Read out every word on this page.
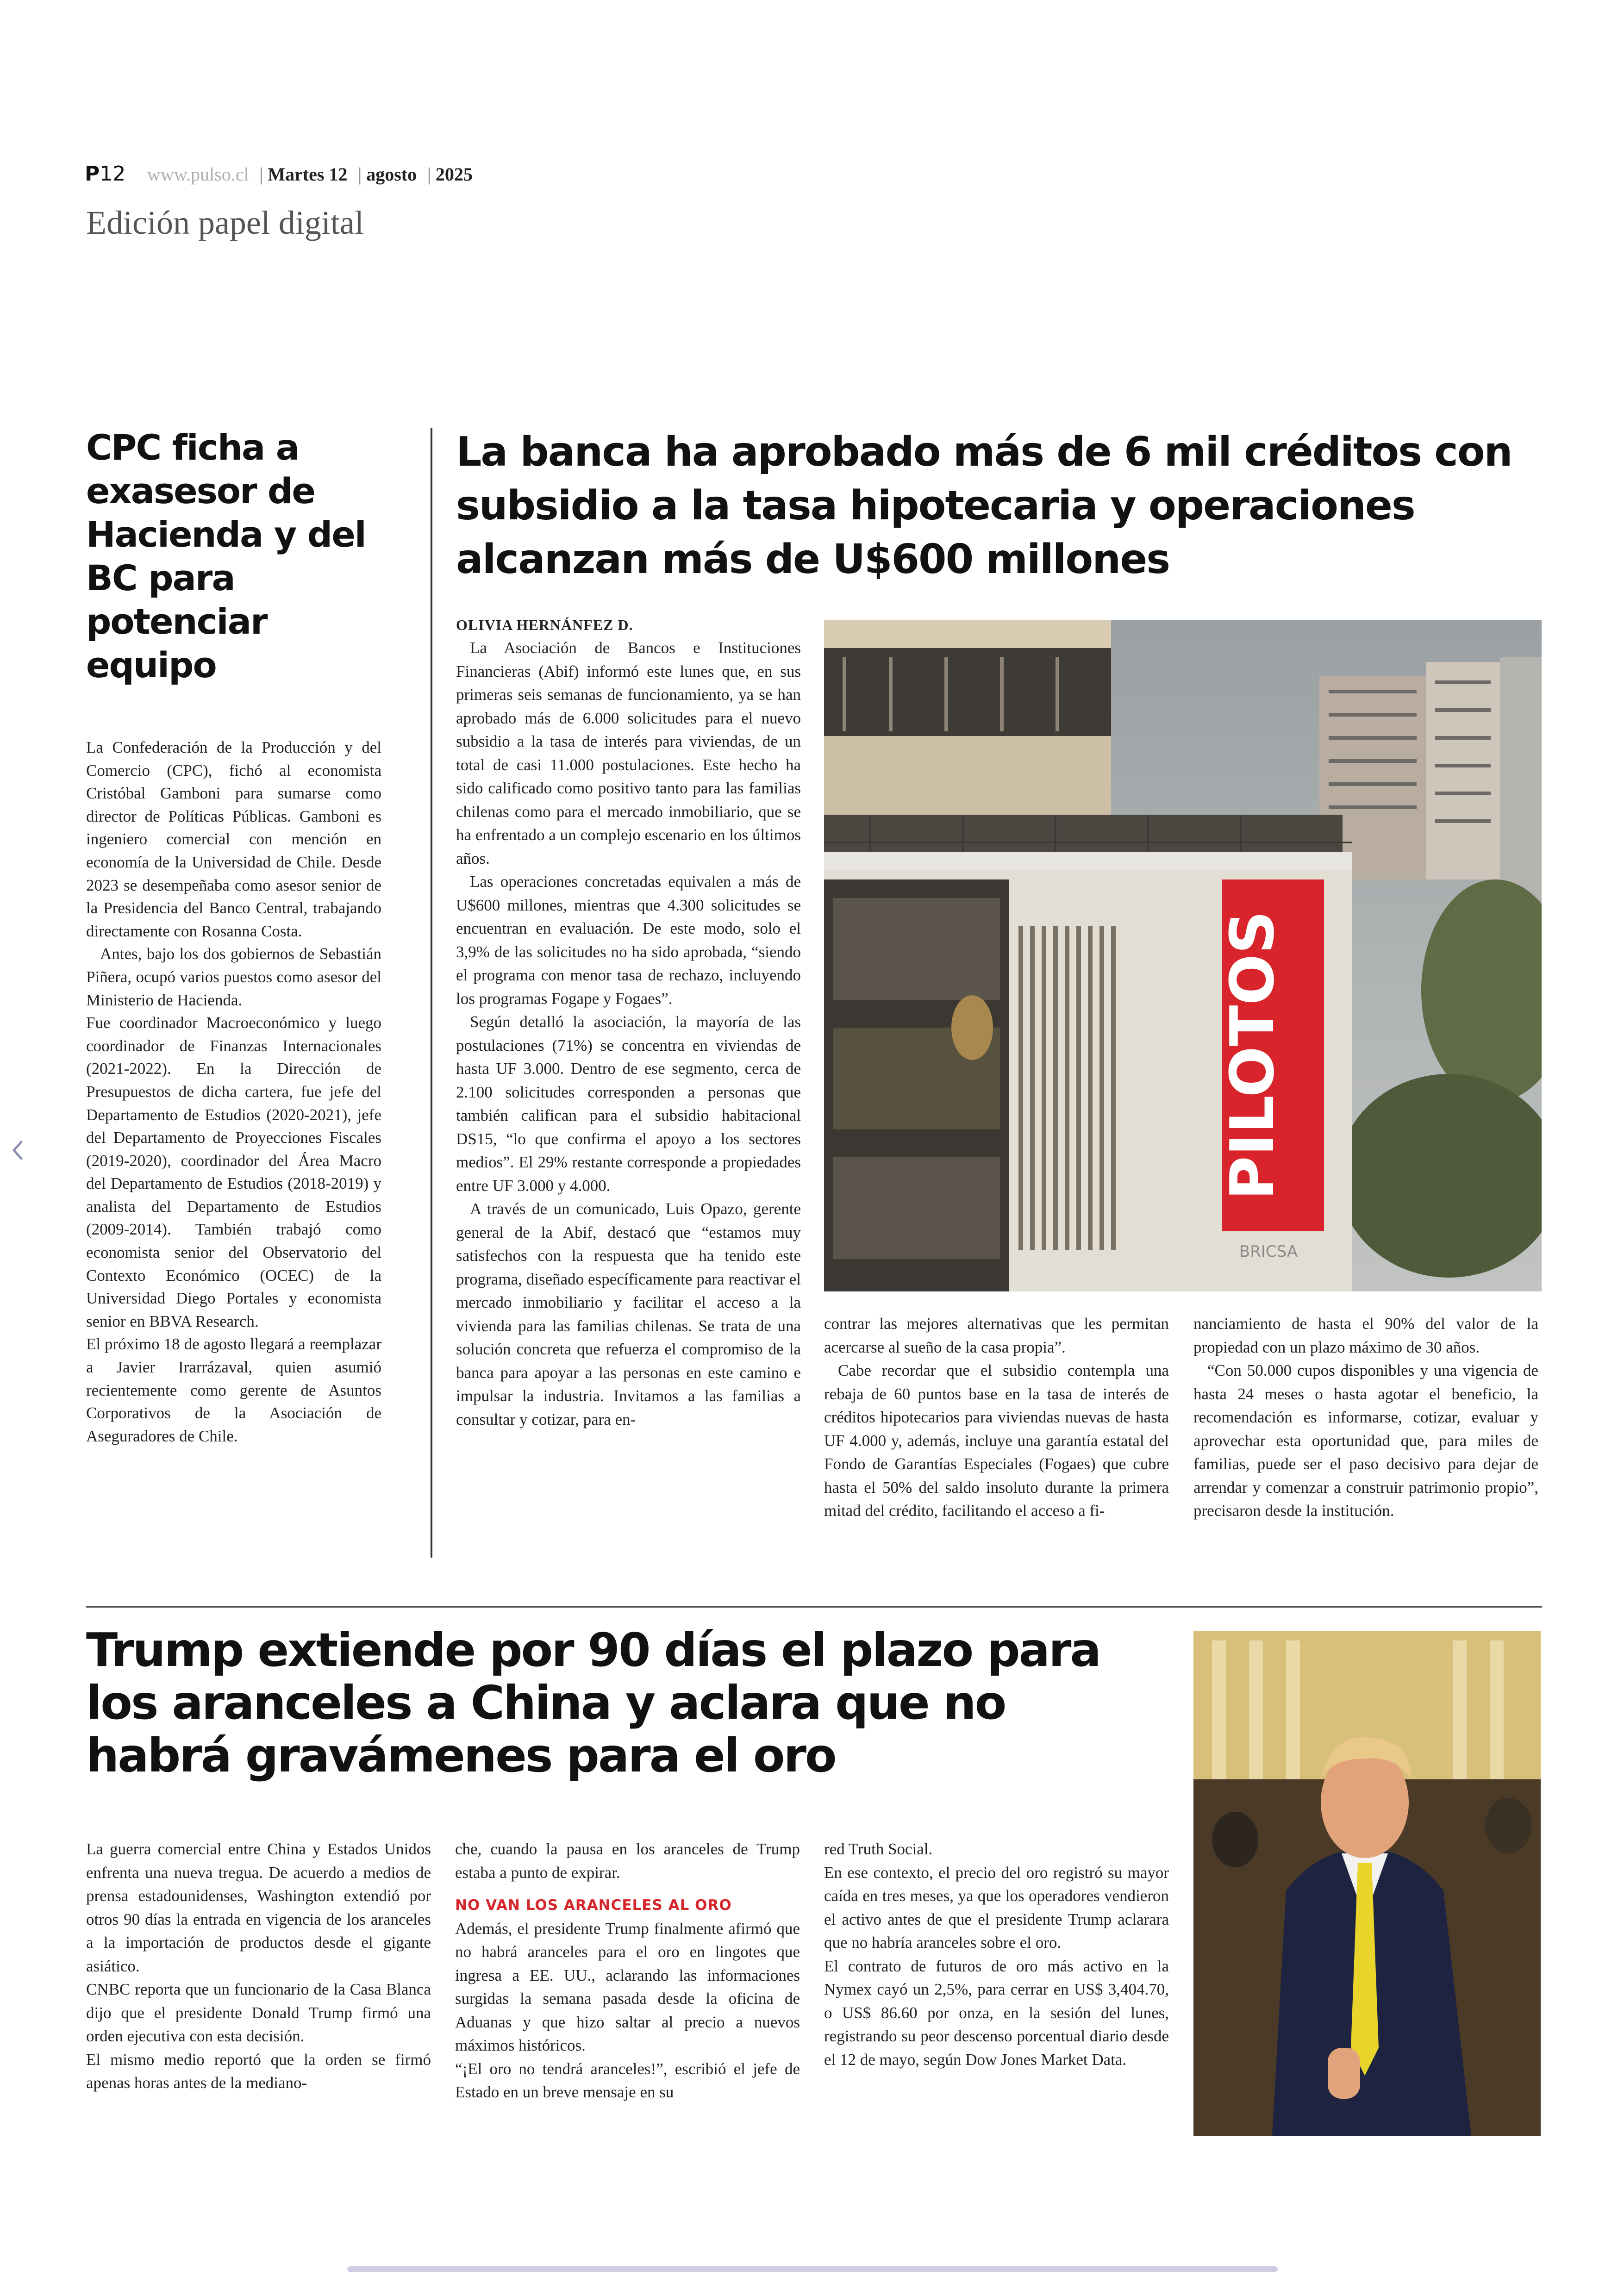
P12 www.pulso.cl | Martes 12 | agosto | 2025
Edición papel digital
CPC ficha a exasesor de Hacienda y del BC para potenciar equipo

La Confederación de la Producción y del Comercio (CPC), fichó al economista Cristóbal Gamboni para sumarse como director de Políticas Públicas. Gamboni es ingeniero comercial con mención en economía de la Universidad de Chile. Desde 2023 se desempeñaba como asesor senior de la Presidencia del Banco Central, trabajando directamente con Rosanna Costa.

Antes, bajo los dos gobiernos de Sebastián Piñera, ocupó varios puestos como asesor del Ministerio de Hacienda.

Fue coordinador Macroeconómico y luego coordinador de Finanzas Internacionales (2021-2022). En la Dirección de Presupuestos de dicha cartera, fue jefe del Departamento de Estudios (2020-2021), jefe del Departamento de Proyecciones Fiscales (2019-2020), coordinador del Área Macro del Departamento de Estudios (2018-2019) y analista del Departamento de Estudios (2009-2014). También trabajó como economista senior del Observatorio del Contexto Económico (OCEC) de la Universidad Diego Portales y economista senior en BBVA Research.

El próximo 18 de agosto llegará a reemplazar a Javier Irarrázaval, quien asumió recientemente como gerente de Asuntos Corporativos de la Asociación de Aseguradores de Chile.

La banca ha aprobado más de 6 mil créditos con subsidio a la tasa hipotecaria y operaciones alcanzan más de U$600 millones
OLIVIA HERNÁNFEZ D.

La Asociación de Bancos e Instituciones Financieras (Abif) informó este lunes que, en sus primeras seis semanas de funcionamiento, ya se han aprobado más de 6.000 solicitudes para el nuevo subsidio a la tasa de interés para viviendas, de un total de casi 11.000 postulaciones. Este hecho ha sido calificado como positivo tanto para las familias chilenas como para el mercado inmobiliario, que se ha enfrentado a un complejo escenario en los últimos años.

Las operaciones concretadas equivalen a más de U$600 millones, mientras que 4.300 solicitudes se encuentran en evaluación. De este modo, solo el 3,9% de las solicitudes no ha sido aprobada, “siendo el programa con menor tasa de rechazo, incluyendo los programas Fogape y Fogaes”.

Según detalló la asociación, la mayoría de las postulaciones (71%) se concentra en viviendas de hasta UF 3.000. Dentro de ese segmento, cerca de 2.100 solicitudes corresponden a personas que también califican para el subsidio habitacional DS15, “lo que confirma el apoyo a los sectores medios”. El 29% restante corresponde a propiedades entre UF 3.000 y 4.000.

A través de un comunicado, Luis Opazo, gerente general de la Abif, destacó que “estamos muy satisfechos con la respuesta que ha tenido este programa, diseñado específicamente para reactivar el mercado inmobiliario y facilitar el acceso a la vivienda para las familias chilenas. Se trata de una solución concreta que refuerza el compromiso de la banca para apoyar a las personas en este camino e impulsar la industria. Invitamos a las familias a consultar y cotizar, para en-

contrar las mejores alternativas que les permitan acercarse al sueño de la casa propia”.

Cabe recordar que el subsidio contempla una rebaja de 60 puntos base en la tasa de interés de créditos hipotecarios para viviendas nuevas de hasta UF 4.000 y, además, incluye una garantía estatal del Fondo de Garantías Especiales (Fogaes) que cubre hasta el 50% del saldo insoluto durante la primera mitad del crédito, facilitando el acceso a fi-

nanciamiento de hasta el 90% del valor de la propiedad con un plazo máximo de 30 años.

“Con 50.000 cupos disponibles y una vigencia de hasta 24 meses o hasta agotar el beneficio, la recomendación es informarse, cotizar, evaluar y aprovechar esta oportunidad que, para miles de familias, puede ser el paso decisivo para dejar de arrendar y comenzar a construir patrimonio propio”, precisaron desde la institución.

PILOTOS
BRICSA
Trump extiende por 90 días el plazo para los aranceles a China y aclara que no habrá gravámenes para el oro

La guerra comercial entre China y Estados Unidos enfrenta una nueva tregua. De acuerdo a medios de prensa estadounidenses, Washington extendió por otros 90 días la entrada en vigencia de los aranceles a la importación de productos desde el gigante asiático.

CNBC reporta que un funcionario de la Casa Blanca dijo que el presidente Donald Trump firmó una orden ejecutiva con esta decisión.

El mismo medio reportó que la orden se firmó apenas horas antes de la mediano-

che, cuando la pausa en los aranceles de Trump estaba a punto de expirar.

NO VAN LOS ARANCELES AL ORO

Además, el presidente Trump finalmente afirmó que no habrá aranceles para el oro en lingotes que ingresa a EE. UU., aclarando las informaciones surgidas la semana pasada desde la oficina de Aduanas y que hizo saltar al precio a nuevos máximos históricos.

“¡El oro no tendrá aranceles!”, escribió el jefe de Estado en un breve mensaje en su

red Truth Social.

En ese contexto, el precio del oro registró su mayor caída en tres meses, ya que los operadores vendieron el activo antes de que el presidente Trump aclarara que no habría aranceles sobre el oro.

El contrato de futuros de oro más activo en la Nymex cayó un 2,5%, para cerrar en US$ 3,404.70, o US$ 86.60 por onza, en la sesión del lunes, registrando su peor descenso porcentual diario desde el 12 de mayo, según Dow Jones Market Data.
